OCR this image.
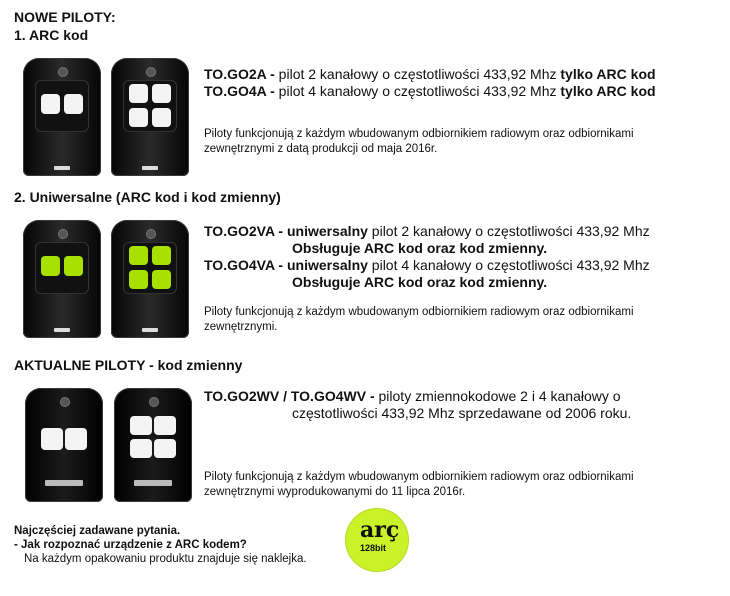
NOWE PILOTY:
1. ARC kod
TO.GO2A - pilot 2 kanałowy o częstotliwości 433,92 Mhz tylko ARC kod
TO.GO4A - pilot 4 kanałowy o częstotliwości 433,92 Mhz tylko ARC kod
Piloty funkcjonują z każdym wbudowanym odbiornikiem radiowym oraz odbiornikami
zewnętrznymi z datą produkcji od maja 2016r.
2. Uniwersalne (ARC kod i kod zmienny)
TO.GO2VA - uniwersalny pilot 2 kanałowy o częstotliwości 433,92 Mhz
Obsługuje ARC kod oraz kod zmienny.
TO.GO4VA - uniwersalny pilot 4 kanałowy o częstotliwości 433,92 Mhz
Obsługuje ARC kod oraz kod zmienny.
Piloty funkcjonują z każdym wbudowanym odbiornikiem radiowym oraz odbiornikami
zewnętrznymi.
AKTUALNE PILOTY - kod zmienny
TO.GO2WV / TO.GO4WV - piloty zmiennokodowe 2 i 4 kanałowy o
częstotliwości 433,92 Mhz sprzedawane od 2006 roku.
Piloty funkcjonują z każdym wbudowanym odbiornikiem radiowym oraz odbiornikami
zewnętrznymi wyprodukowanymi do 11 lipca 2016r.
Najczęściej zadawane pytania.
- Jak rozpoznać urządzenie z ARC kodem?
Na każdym opakowaniu produktu znajduje się naklejka.
arç
128bit
